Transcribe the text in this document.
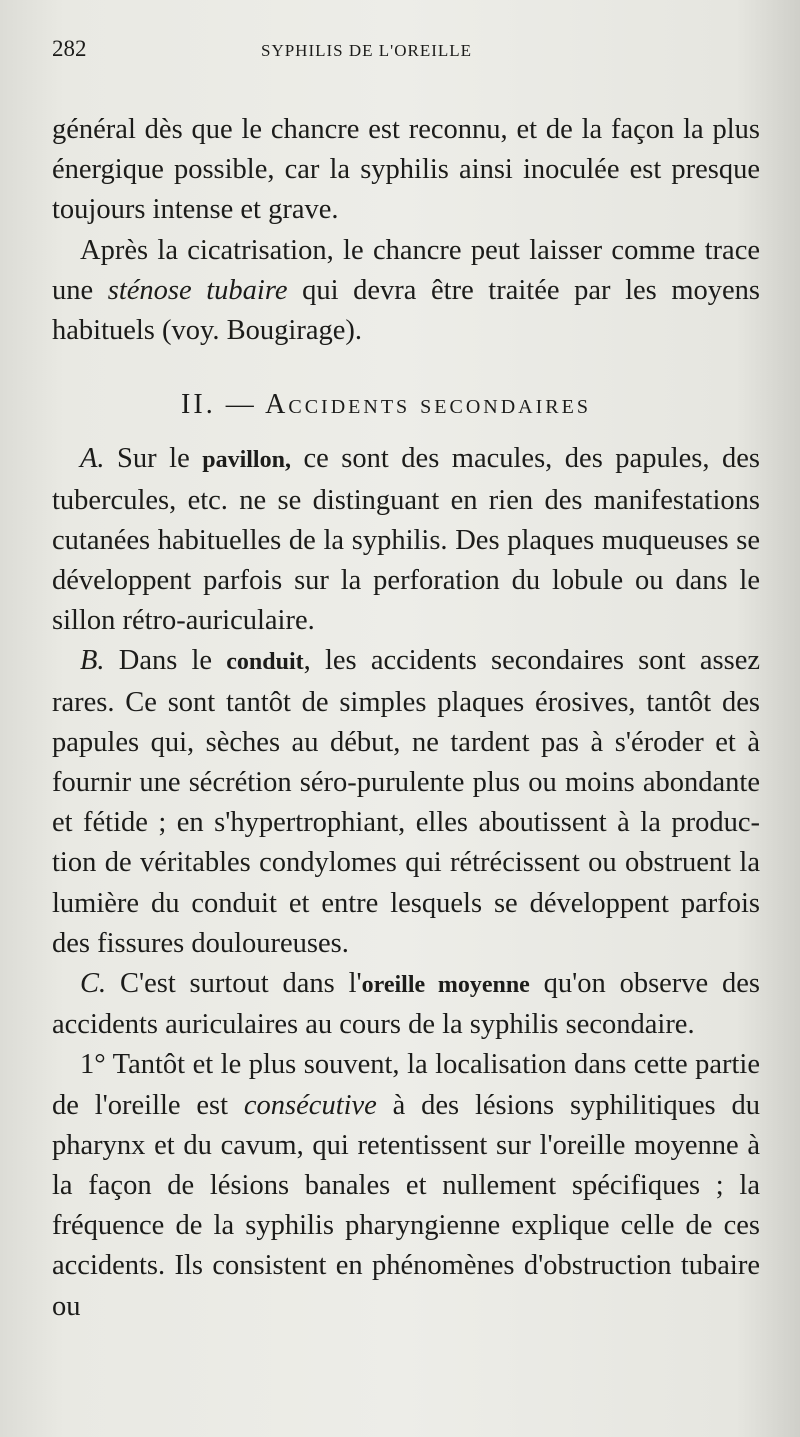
282	SYPHILIS DE L'OREILLE

général dès que le chancre est reconnu, et de la façon la plus énergique possible, car la syphilis ainsi inoculée est presque toujours intense et grave.

Après la cicatrisation, le chancre peut laisser comme trace une sténose tubaire qui devra être traitée par les moyens habituels (voy. Bougirage).

II. — Accidents secondaires

A. Sur le pavillon, ce sont des macules, des papules, des tubercules, etc. ne se distinguant en rien des manifestations cutanées habituelles de la syphilis. Des plaques muqueuses se développent parfois sur la perforation du lobule ou dans le sillon rétro-auriculaire.

B. Dans le conduit, les accidents secondaires sont assez rares. Ce sont tantôt de simples plaques érosives, tantôt des papules qui, sèches au début, ne tardent pas à s'éroder et à fournir une sécrétion séro-purulente plus ou moins abondante et fétide ; en s'hypertrophiant, elles aboutissent à la production de véritables condylomes qui rétrécissent ou obstruent la lumière du conduit et entre lesquels se développent parfois des fissures douloureuses.

C. C'est surtout dans l'oreille moyenne qu'on observe des accidents auriculaires au cours de la syphilis secondaire.

1° Tantôt et le plus souvent, la localisation dans cette partie de l'oreille est consécutive à des lésions syphilitiques du pharynx et du cavum, qui retentissent sur l'oreille moyenne à la façon de lésions banales et nullement spécifiques ; la fréquence de la syphilis pharyngienne explique celle de ces accidents. Ils consistent en phénomènes d'obstruction tubaire ou
